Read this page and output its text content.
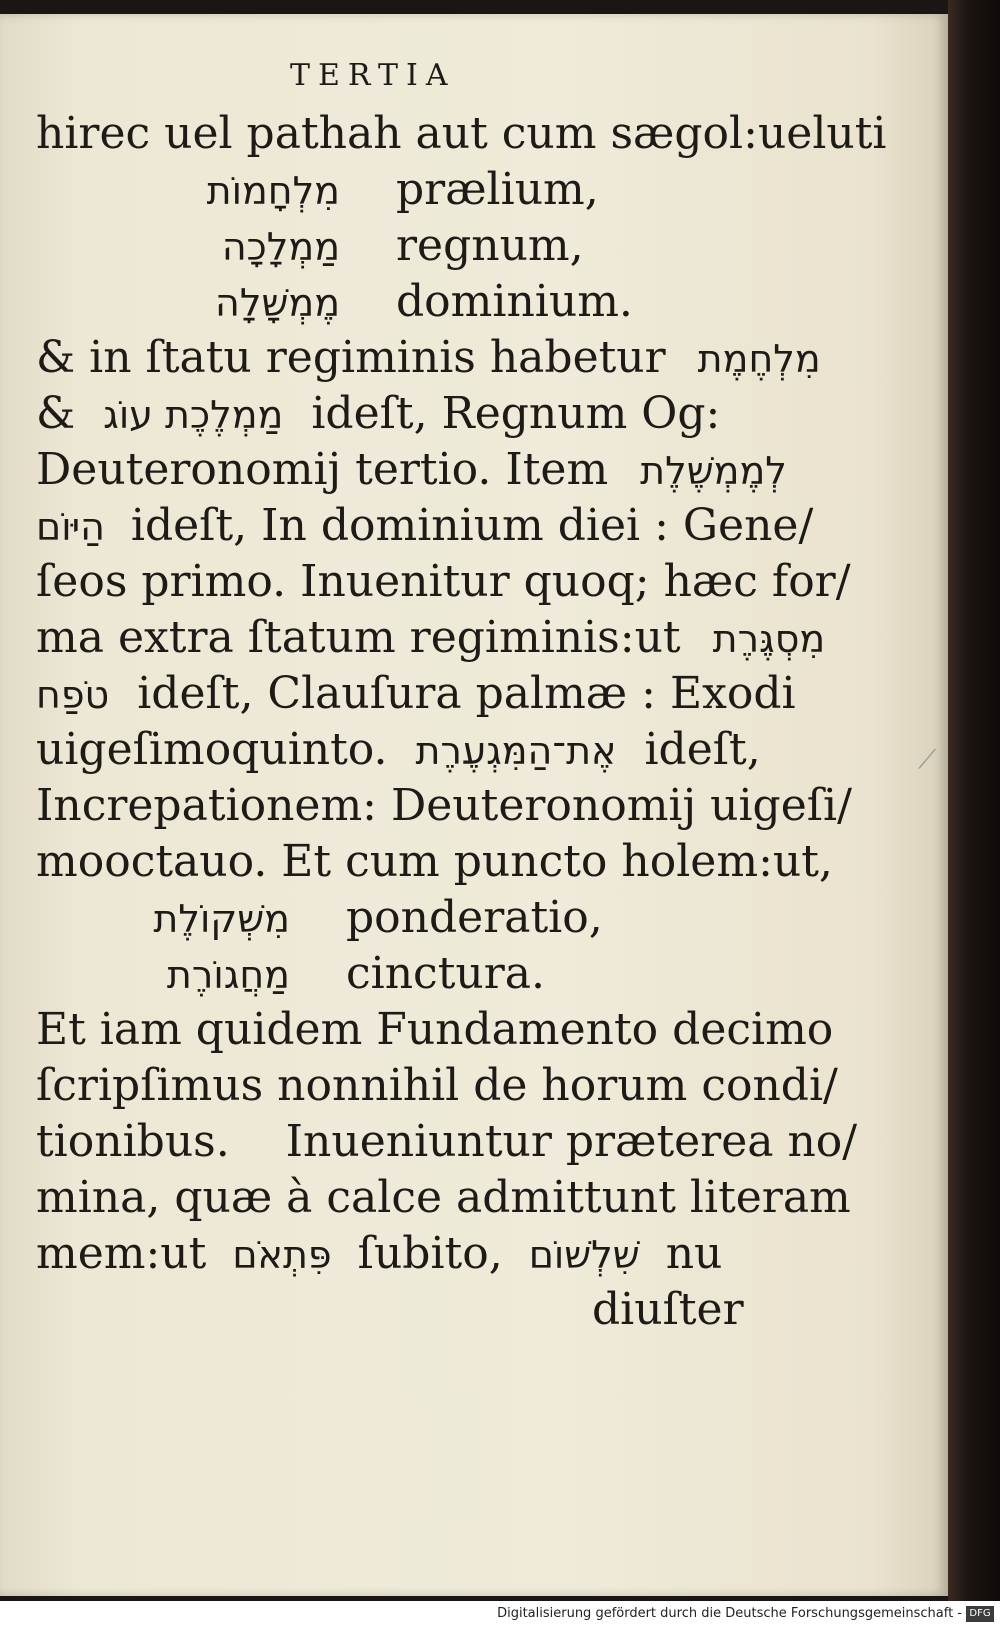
TERTIA
hirec uel pathah aut cum sægol:ueluti
מִלְחָמוֹת prælium,
מַמְלָכָה regnum,
מֶמְשָׁלָה dominium.
& in ſtatu regiminis habetur מִלְחֶמֶת
& מַמְלֶכֶת עוֹג ideſt, Regnum Og:
Deuteronomij tertio. Item לְמֶמְשֶׁלֶת
הַיּוֹם ideſt, In dominium diei : Gene/
ſeos primo. Inuenitur quoq; hæc for/
ma extra ſtatum regiminis:ut מִסְגֶּרֶת
טֹפַח ideſt, Clauſura palmæ : Exodi
uigeſimoquinto. אֶת־הַמִּגְעֶרֶת ideſt,
Increpationem: Deuteronomij uigeſi/
mooctauo. Et cum puncto holem:ut,
מִשְׁקוֹלֶת ponderatio,
מַחֲגוֹרֶת cinctura.
Et iam quidem Fundamento decimo
ſcripſimus nonnihil de horum condi/
tionibus.    Inueniuntur præterea no/
mina, quæ à calce admittunt literam
mem:ut פִּתְאֹם ſubito, שִׁלְשׁוֹם nu
diuſter
⟋
Digitalisierung gefördert durch die Deutsche Forschungsgemeinschaft - DFG
